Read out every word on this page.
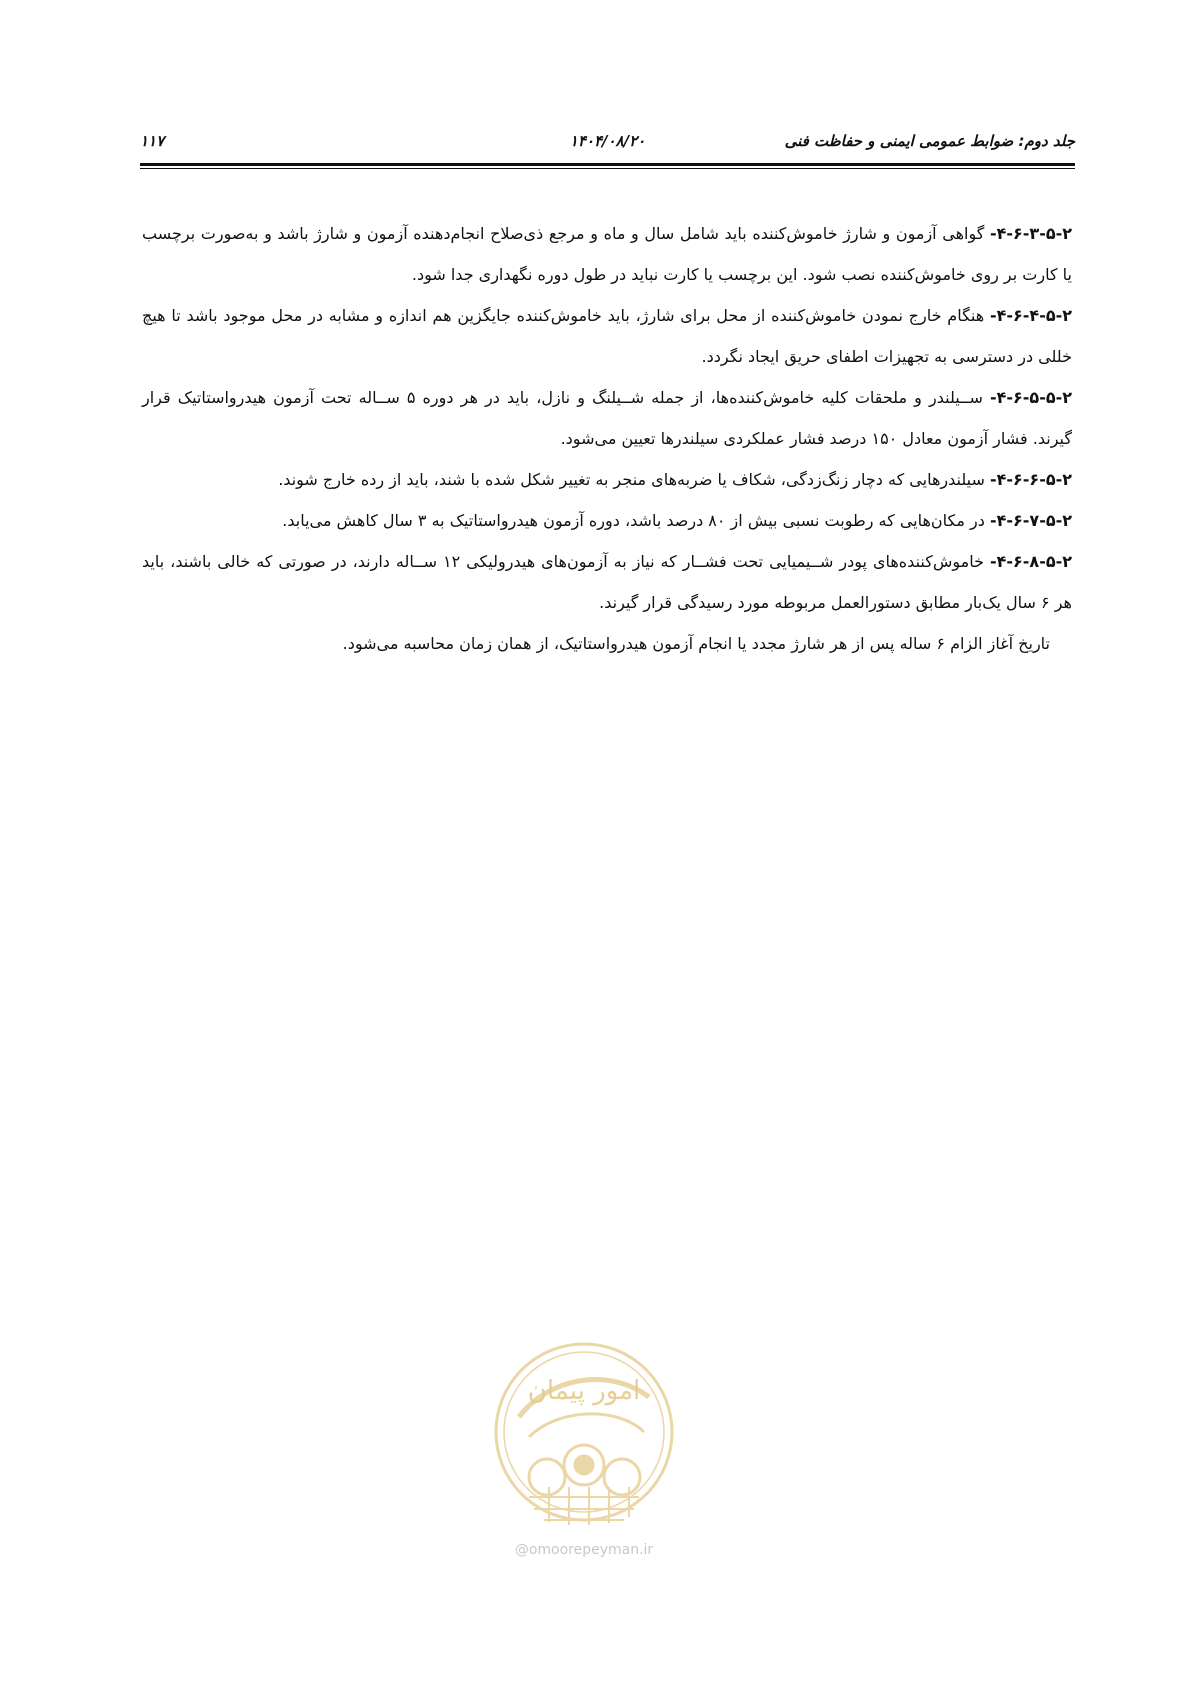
جلد دوم: ضوابط عمومی ایمنی و حفاظت فنی
۱۴۰۴/۰۸/۲۰
۱۱۷

۴-۶-۳-۵-۲- گواهی آزمون و شارژ خاموش‌کننده باید شامل سال و ماه و مرجع ذی‌صلاح انجام‌دهنده آزمون و شارژ باشد و به‌صورت برچسب یا کارت بر روی خاموش‌کننده نصب شود. این برچسب یا کارت نباید در طول دوره نگهداری جدا شود.

۴-۶-۴-۵-۲- هنگام خارج نمودن خاموش‌کننده از محل برای شارژ، باید خاموش‌کننده جایگزین هم اندازه و مشابه در محل موجود باشد تا هیچ خللی در دسترسی به تجهیزات اطفای حریق ایجاد نگردد.

۴-۶-۵-۵-۲- ســیلندر و ملحقات کلیه خاموش‌کننده‌ها، از جمله شــیلنگ و نازل، باید در هر دوره ۵ ســاله تحت آزمون هیدرواستاتیک قرار گیرند. فشار آزمون معادل ۱۵۰ درصد فشار عملکردی سیلندرها تعیین می‌شود.

۴-۶-۶-۵-۲- سیلندرهایی که دچار زنگ‌زدگی، شکاف یا ضربه‌های منجر به تغییر شکل شده با شند، باید از رده خارج شوند.

۴-۶-۷-۵-۲- در مکان‌هایی که رطوبت نسبی بیش از ۸۰ درصد باشد، دوره آزمون هیدرواستاتیک به ۳ سال کاهش می‌یابد.

۴-۶-۸-۵-۲- خاموش‌کننده‌های پودر شــیمیایی تحت فشــار که نیاز به آزمون‌های هیدرولیکی ۱۲ ســاله دارند، در صورتی که خالی باشند، باید هر ۶ سال یک‌بار مطابق دستورالعمل مربوطه مورد رسیدگی قرار گیرند.

تاریخ آغاز الزام ۶ ساله پس از هر شارژ مجدد یا انجام آزمون هیدرواستاتیک، از همان زمان محاسبه می‌شود.

امور پیمان
@omoorepeyman.ir
